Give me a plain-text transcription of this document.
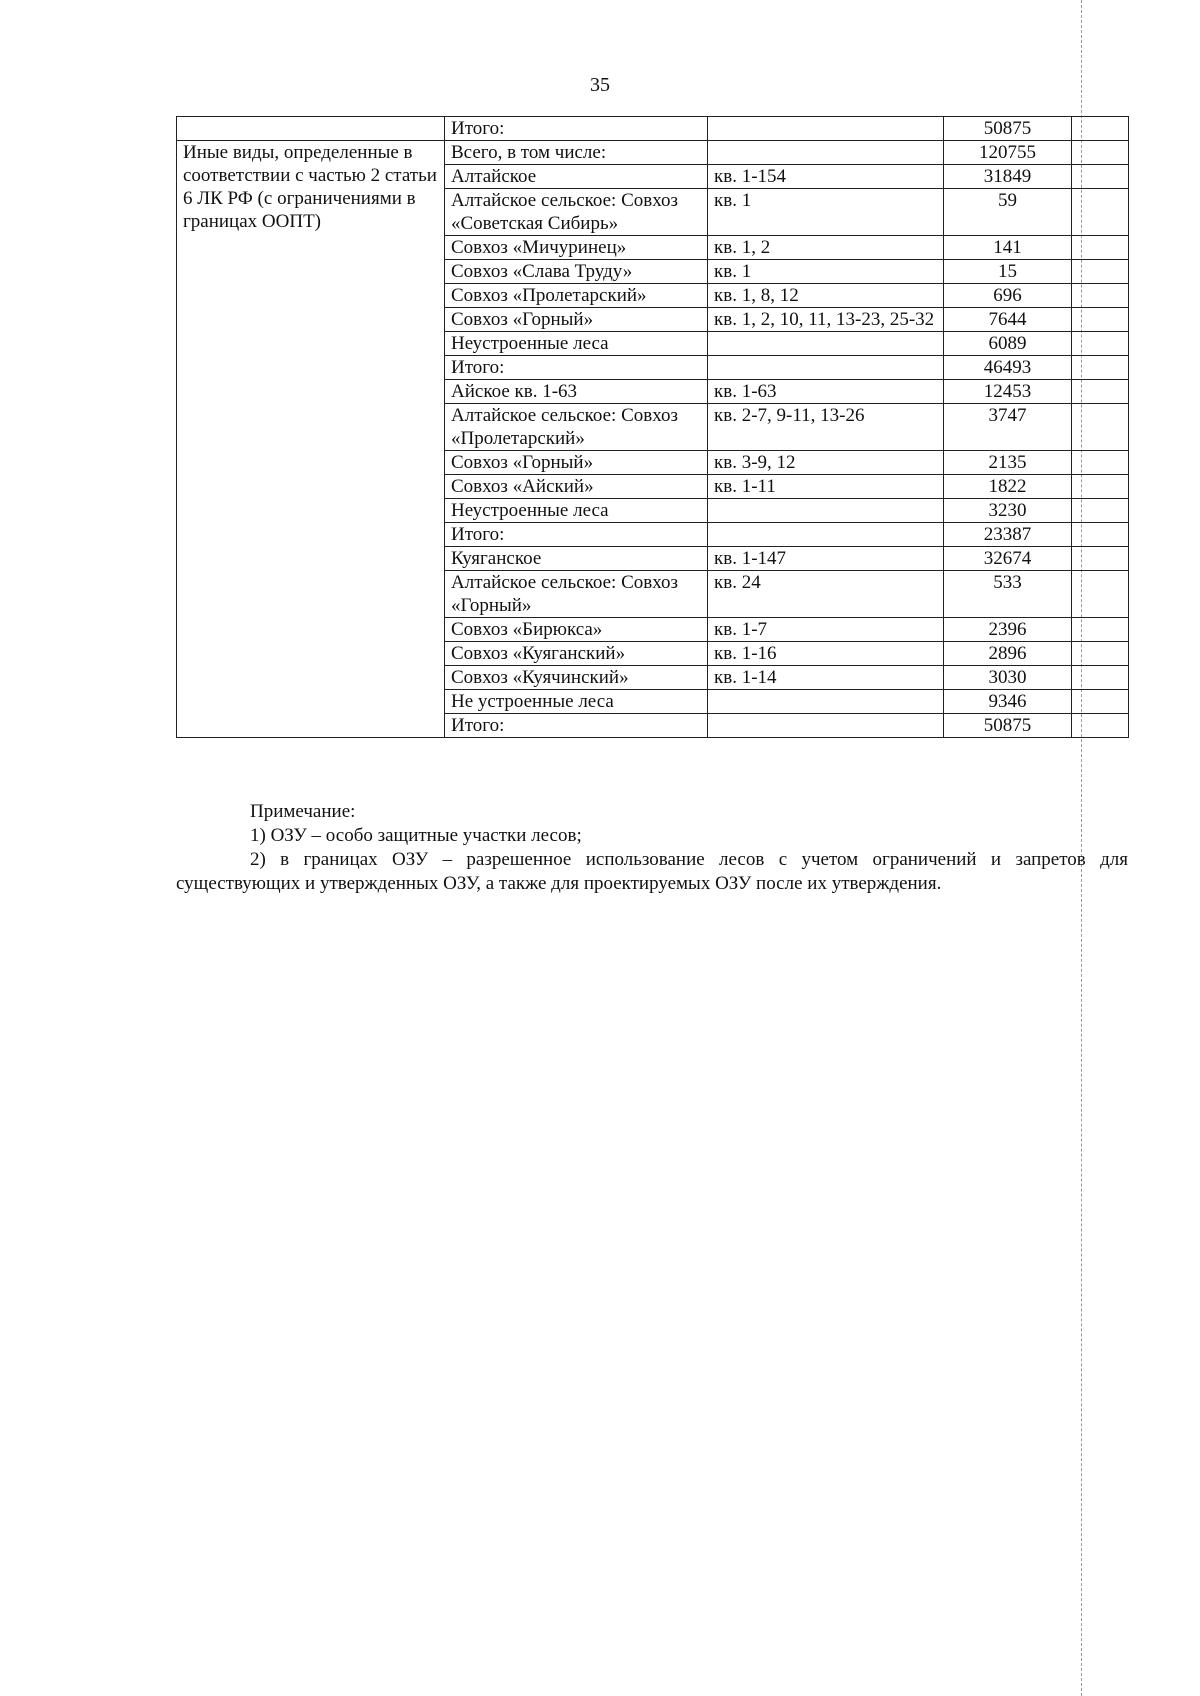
35
	Итого:		50875	
Иные виды, определенные в соответствии с частью 2 статьи 6 ЛК РФ (с ограничениями в границах ООПТ)	Всего, в том числе:		120755	
	Алтайское	кв. 1-154	31849	
	Алтайское сельское: Совхоз «Советская Сибирь»	кв. 1	59	
	Совхоз «Мичуринец»	кв. 1, 2	141	
	Совхоз «Слава Труду»	кв. 1	15	
	Совхоз «Пролетарский»	кв. 1, 8, 12	696	
	Совхоз «Горный»	кв. 1, 2, 10, 11, 13-23, 25-32	7644	
	Неустроенные леса		6089	
	Итого:		46493	
	Айское кв. 1-63	кв. 1-63	12453	
	Алтайское сельское: Совхоз «Пролетарский»	кв. 2-7, 9-11, 13-26	3747	
	Совхоз «Горный»	кв. 3-9, 12	2135	
	Совхоз «Айский»	кв. 1-11	1822	
	Неустроенные леса		3230	
	Итого:		23387	
	Куяганское	кв. 1-147	32674	
	Алтайское сельское: Совхоз «Горный»	кв. 24	533	
	Совхоз «Бирюкса»	кв. 1-7	2396	
	Совхоз «Куяганский»	кв. 1-16	2896	
	Совхоз «Куячинский»	кв. 1-14	3030	
	Не устроенные леса		9346	
	Итого:		50875	

Примечание:

1) ОЗУ – особо защитные участки лесов;

2) в границах ОЗУ – разрешенное использование лесов с учетом ограничений и запретов для существующих и утвержденных ОЗУ, а также для проектируемых ОЗУ после их утверждения.
